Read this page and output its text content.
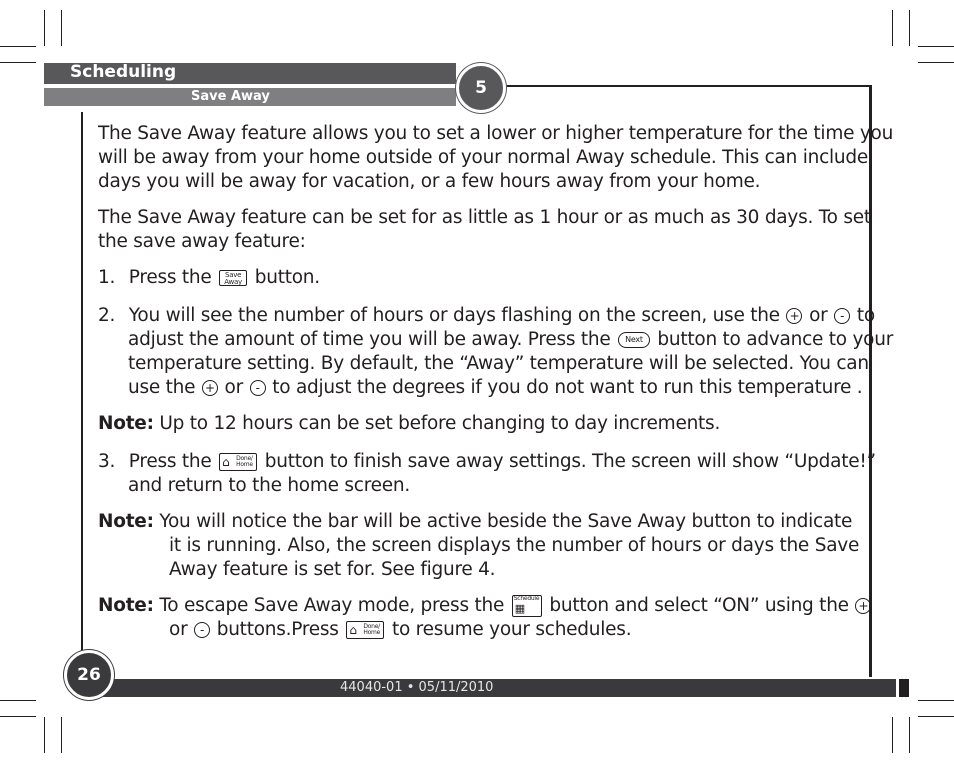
Scheduling
Save Away	5
The Save Away feature allows you to set a lower or higher temperature for the time you
will be away from your home outside of your normal Away schedule. This can include
days you will be away for vacation, or a few hours away from your home.
The Save Away feature can be set for as little as 1 hour or as much as 30 days. To set
the save away feature:
1. Press the Save
Away button.
2. You will see the number of hours or days flashing on the screen, use the + or - to
adjust the amount of time you will be away. Press the Next button to advance to your
temperature setting. By default, the “Away” temperature will be selected. You can
use the + or - to adjust the degrees if you do not want to run this temperature .
Note: Up to 12 hours can be set before changing to day increments.
3. Press the ⌂ Done/
Home button to finish save away settings. The screen will show “Update!”
and return to the home screen.
Note: You will notice the bar will be active beside the Save Away button to indicate
it is running. Also, the screen displays the number of hours or days the Save
Away feature is set for. See figure 4.
Note: To escape Save Away mode, press the Schedule
▦ button and select “ON” using the +
or - buttons.Press ⌂ Done/
Home to resume your schedules.
44040-01 • 05/11/2010
26
